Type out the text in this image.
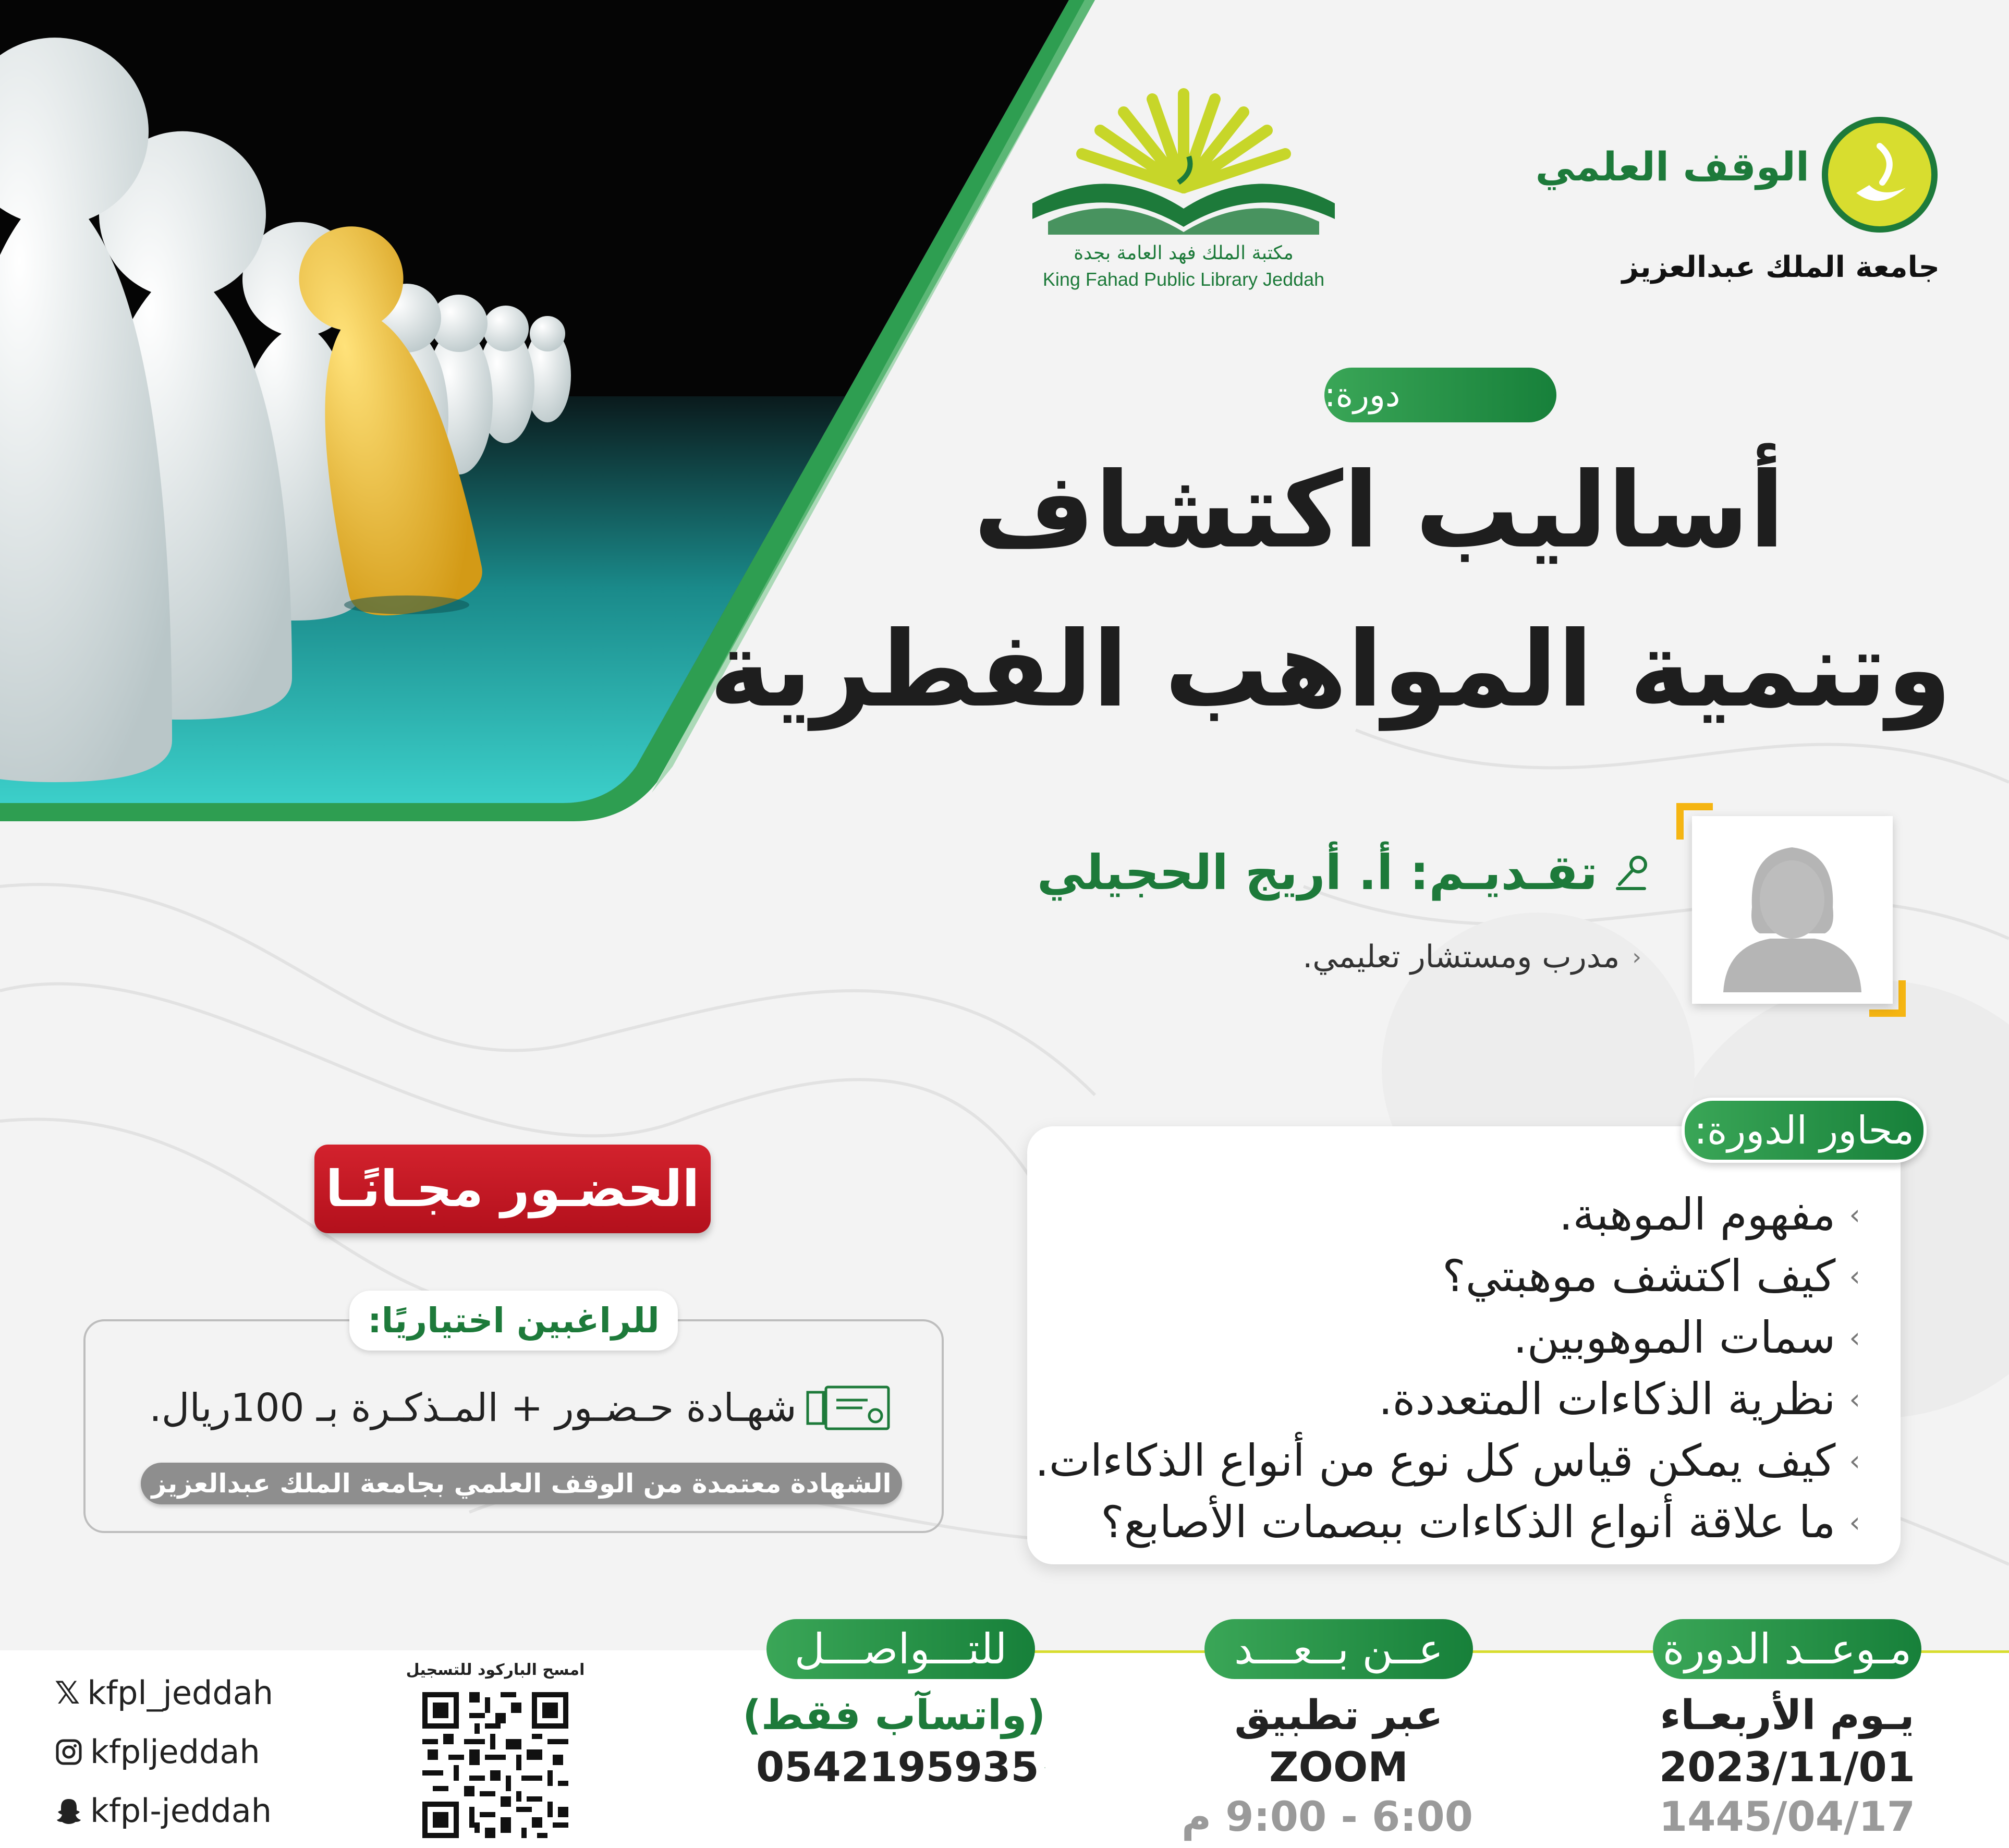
مكتبة الملك فهد العامة بجدة
King Fahad Public Library Jeddah
الوقف العلمي
جامعة الملك عبدالعزيز
دورة:
أساليب اكتشاف
وتنمية المواهب الفطرية
تقـديـم: أ. أريج الحجيلي
‹
مدرب ومستشار تعليمي.
محاور الدورة:
مفهوم الموهبة. ‹
كيف اكتشف موهبتي؟ ‹
سمات الموهوبين. ‹
نظرية الذكاءات المتعددة. ‹
كيف يمكن قياس كل نوع من أنواع الذكاءات. ‹
ما علاقة أنواع الذكاءات ببصمات الأصابع؟ ‹
الحضـور مجـانًـا
للراغبين اختياريًا:
شهـادة حـضـور + المـذكـرة بـ 100ريال.
الشهادة معتمدة من الوقف العلمي بجامعة الملك عبدالعزيز
مـوعــد الدورة
يـوم الأربعـاء
2023/11/01
1445/04/17
عــن بــعـــد
عبر تطبيق
ZOOM
6:00 - 9:00 م
للتـــواصـــل
(واتسآب فقط)
0542195935
امسح الباركود للتسجيل
𝕏 kfpl_jeddah
kfpljeddah
kfpl-jeddah
